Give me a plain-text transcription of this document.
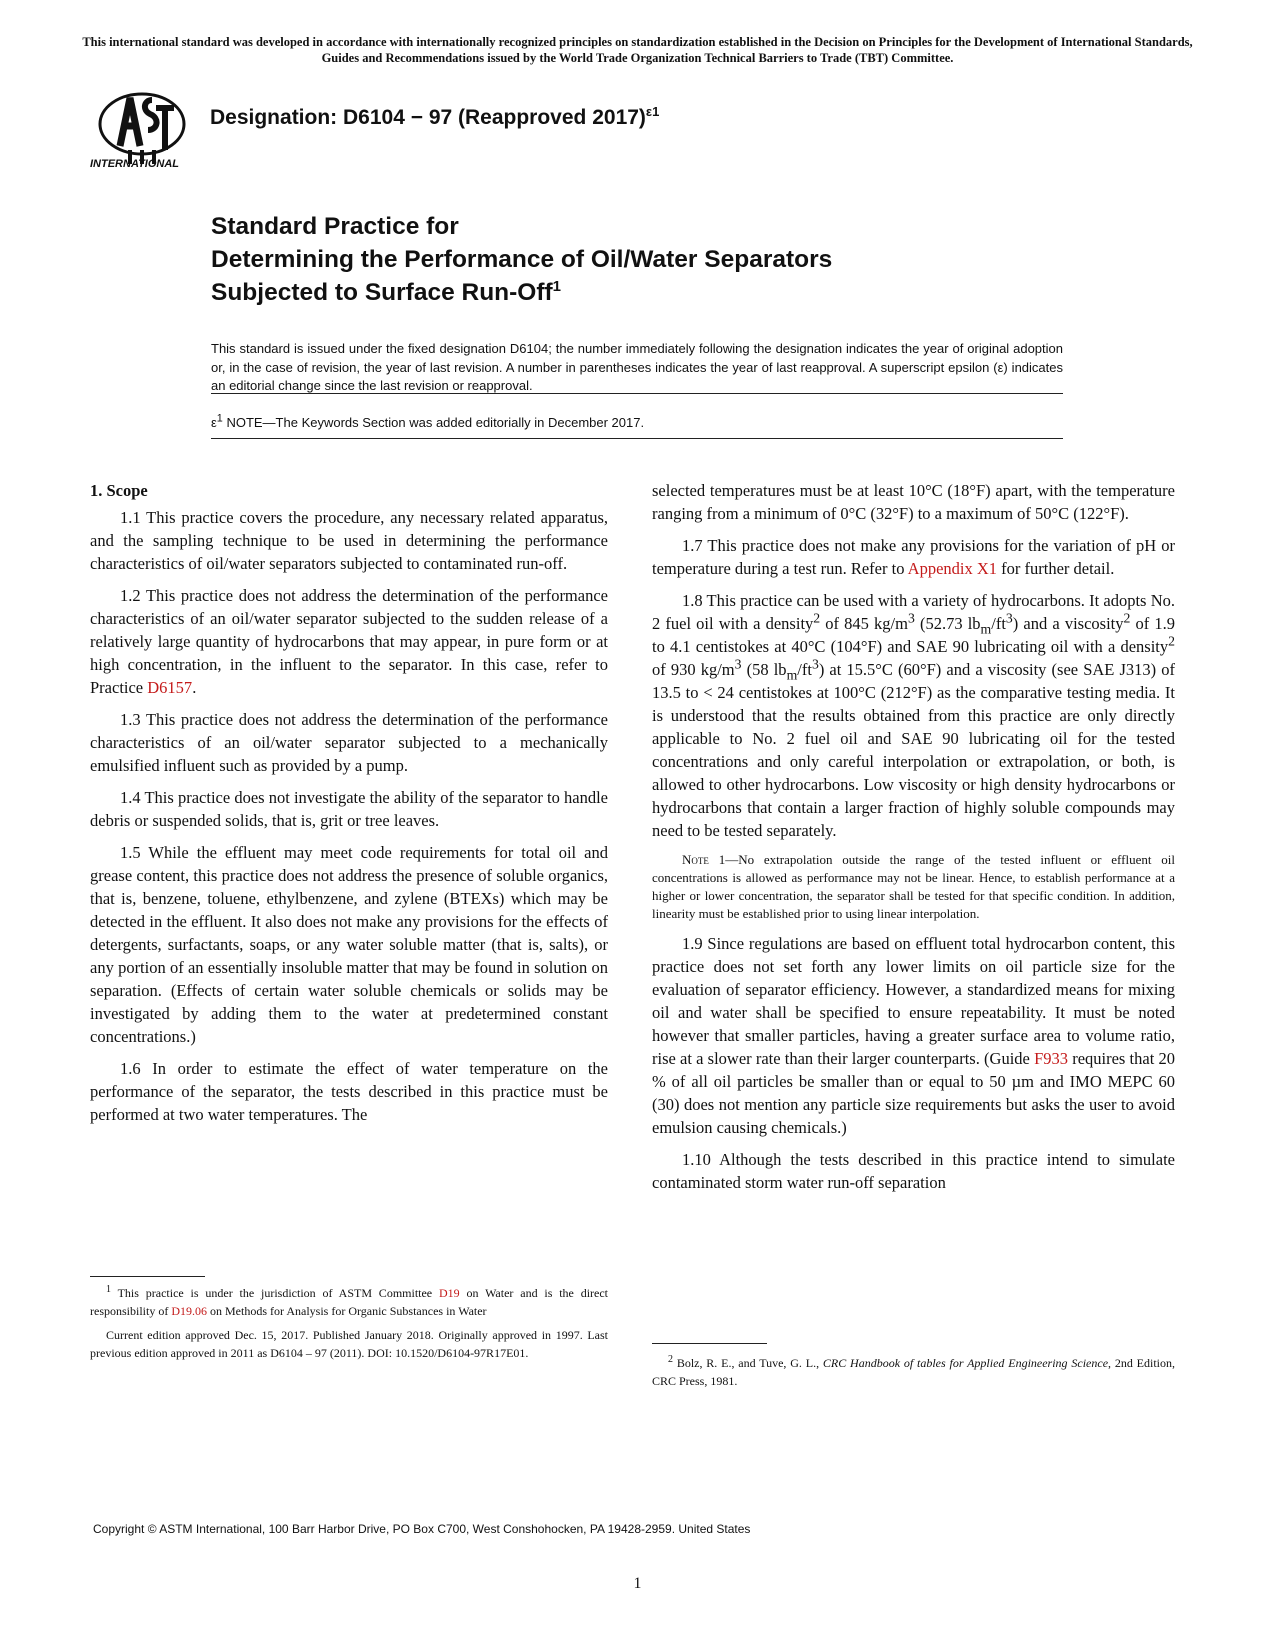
This international standard was developed in accordance with internationally recognized principles on standardization established in the Decision on Principles for the Development of International Standards, Guides and Recommendations issued by the World Trade Organization Technical Barriers to Trade (TBT) Committee.
INTERNATIONAL
Designation: D6104 − 97 (Reapproved 2017)$^{\varepsilon 1}$
Standard Practice for
Determining the Performance of Oil/Water Separators
Subjected to Surface Run-Off$^1$
This standard is issued under the fixed designation D6104; the number immediately following the designation indicates the year of original adoption or, in the case of revision, the year of last revision. A number in parentheses indicates the year of last reapproval. A superscript epsilon (ε) indicates an editorial change since the last revision or reapproval.
$\varepsilon^1$ NOTE—The Keywords Section was added editorially in December 2017.

1. Scope

1.1 This practice covers the procedure, any necessary related apparatus, and the sampling technique to be used in determining the performance characteristics of oil/water separators subjected to contaminated run-off.

1.2 This practice does not address the determination of the performance characteristics of an oil/water separator subjected to the sudden release of a relatively large quantity of hydrocarbons that may appear, in pure form or at high concentration, in the influent to the separator. In this case, refer to Practice D6157.

1.3 This practice does not address the determination of the performance characteristics of an oil/water separator subjected to a mechanically emulsified influent such as provided by a pump.

1.4 This practice does not investigate the ability of the separator to handle debris or suspended solids, that is, grit or tree leaves.

1.5 While the effluent may meet code requirements for total oil and grease content, this practice does not address the presence of soluble organics, that is, benzene, toluene, ethylbenzene, and zylene (BTEXs) which may be detected in the effluent. It also does not make any provisions for the effects of detergents, surfactants, soaps, or any water soluble matter (that is, salts), or any portion of an essentially insoluble matter that may be found in solution on separation. (Effects of certain water soluble chemicals or solids may be investigated by adding them to the water at predetermined constant concentrations.)

1.6 In order to estimate the effect of water temperature on the performance of the separator, the tests described in this practice must be performed at two water temperatures. The

$^1$ This practice is under the jurisdiction of ASTM Committee D19 on Water and is the direct responsibility of D19.06 on Methods for Analysis for Organic Substances in Water

Current edition approved Dec. 15, 2017. Published January 2018. Originally approved in 1997. Last previous edition approved in 2011 as D6104 – 97 (2011). DOI: 10.1520/D6104-97R17E01.

selected temperatures must be at least 10°C (18°F) apart, with the temperature ranging from a minimum of 0°C (32°F) to a maximum of 50°C (122°F).

1.7 This practice does not make any provisions for the variation of pH or temperature during a test run. Refer to Appendix X1 for further detail.

1.8 This practice can be used with a variety of hydrocarbons. It adopts No. 2 fuel oil with a density$^2$ of 845 $kg/m^3$ (52.73 $lb_m/ft^3$) and a viscosity$^2$ of 1.9 to 4.1 centistokes at 40°C (104°F) and SAE 90 lubricating oil with a density$^2$ of 930 $kg/m^3$ (58 $lb_m/ft^3$) at 15.5°C (60°F) and a viscosity (see SAE J313) of 13.5 to < 24 centistokes at 100°C (212°F) as the comparative testing media. It is understood that the results obtained from this practice are only directly applicable to No. 2 fuel oil and SAE 90 lubricating oil for the tested concentrations and only careful interpolation or extrapolation, or both, is allowed to other hydrocarbons. Low viscosity or high density hydrocarbons or hydrocarbons that contain a larger fraction of highly soluble compounds may need to be tested separately.

Note 1—No extrapolation outside the range of the tested influent or effluent oil concentrations is allowed as performance may not be linear. Hence, to establish performance at a higher or lower concentration, the separator shall be tested for that specific condition. In addition, linearity must be established prior to using linear interpolation.

1.9 Since regulations are based on effluent total hydrocarbon content, this practice does not set forth any lower limits on oil particle size for the evaluation of separator efficiency. However, a standardized means for mixing oil and water shall be specified to ensure repeatability. It must be noted however that smaller particles, having a greater surface area to volume ratio, rise at a slower rate than their larger counterparts. (Guide F933 requires that 20 % of all oil particles be smaller than or equal to 50 µm and IMO MEPC 60 (30) does not mention any particle size requirements but asks the user to avoid emulsion causing chemicals.)

1.10 Although the tests described in this practice intend to simulate contaminated storm water run-off separation

$^2$ Bolz, R. E., and Tuve, G. L., CRC Handbook of tables for Applied Engineering Science, 2nd Edition, CRC Press, 1981.

Copyright © ASTM International, 100 Barr Harbor Drive, PO Box C700, West Conshohocken, PA 19428-2959. United States
1
